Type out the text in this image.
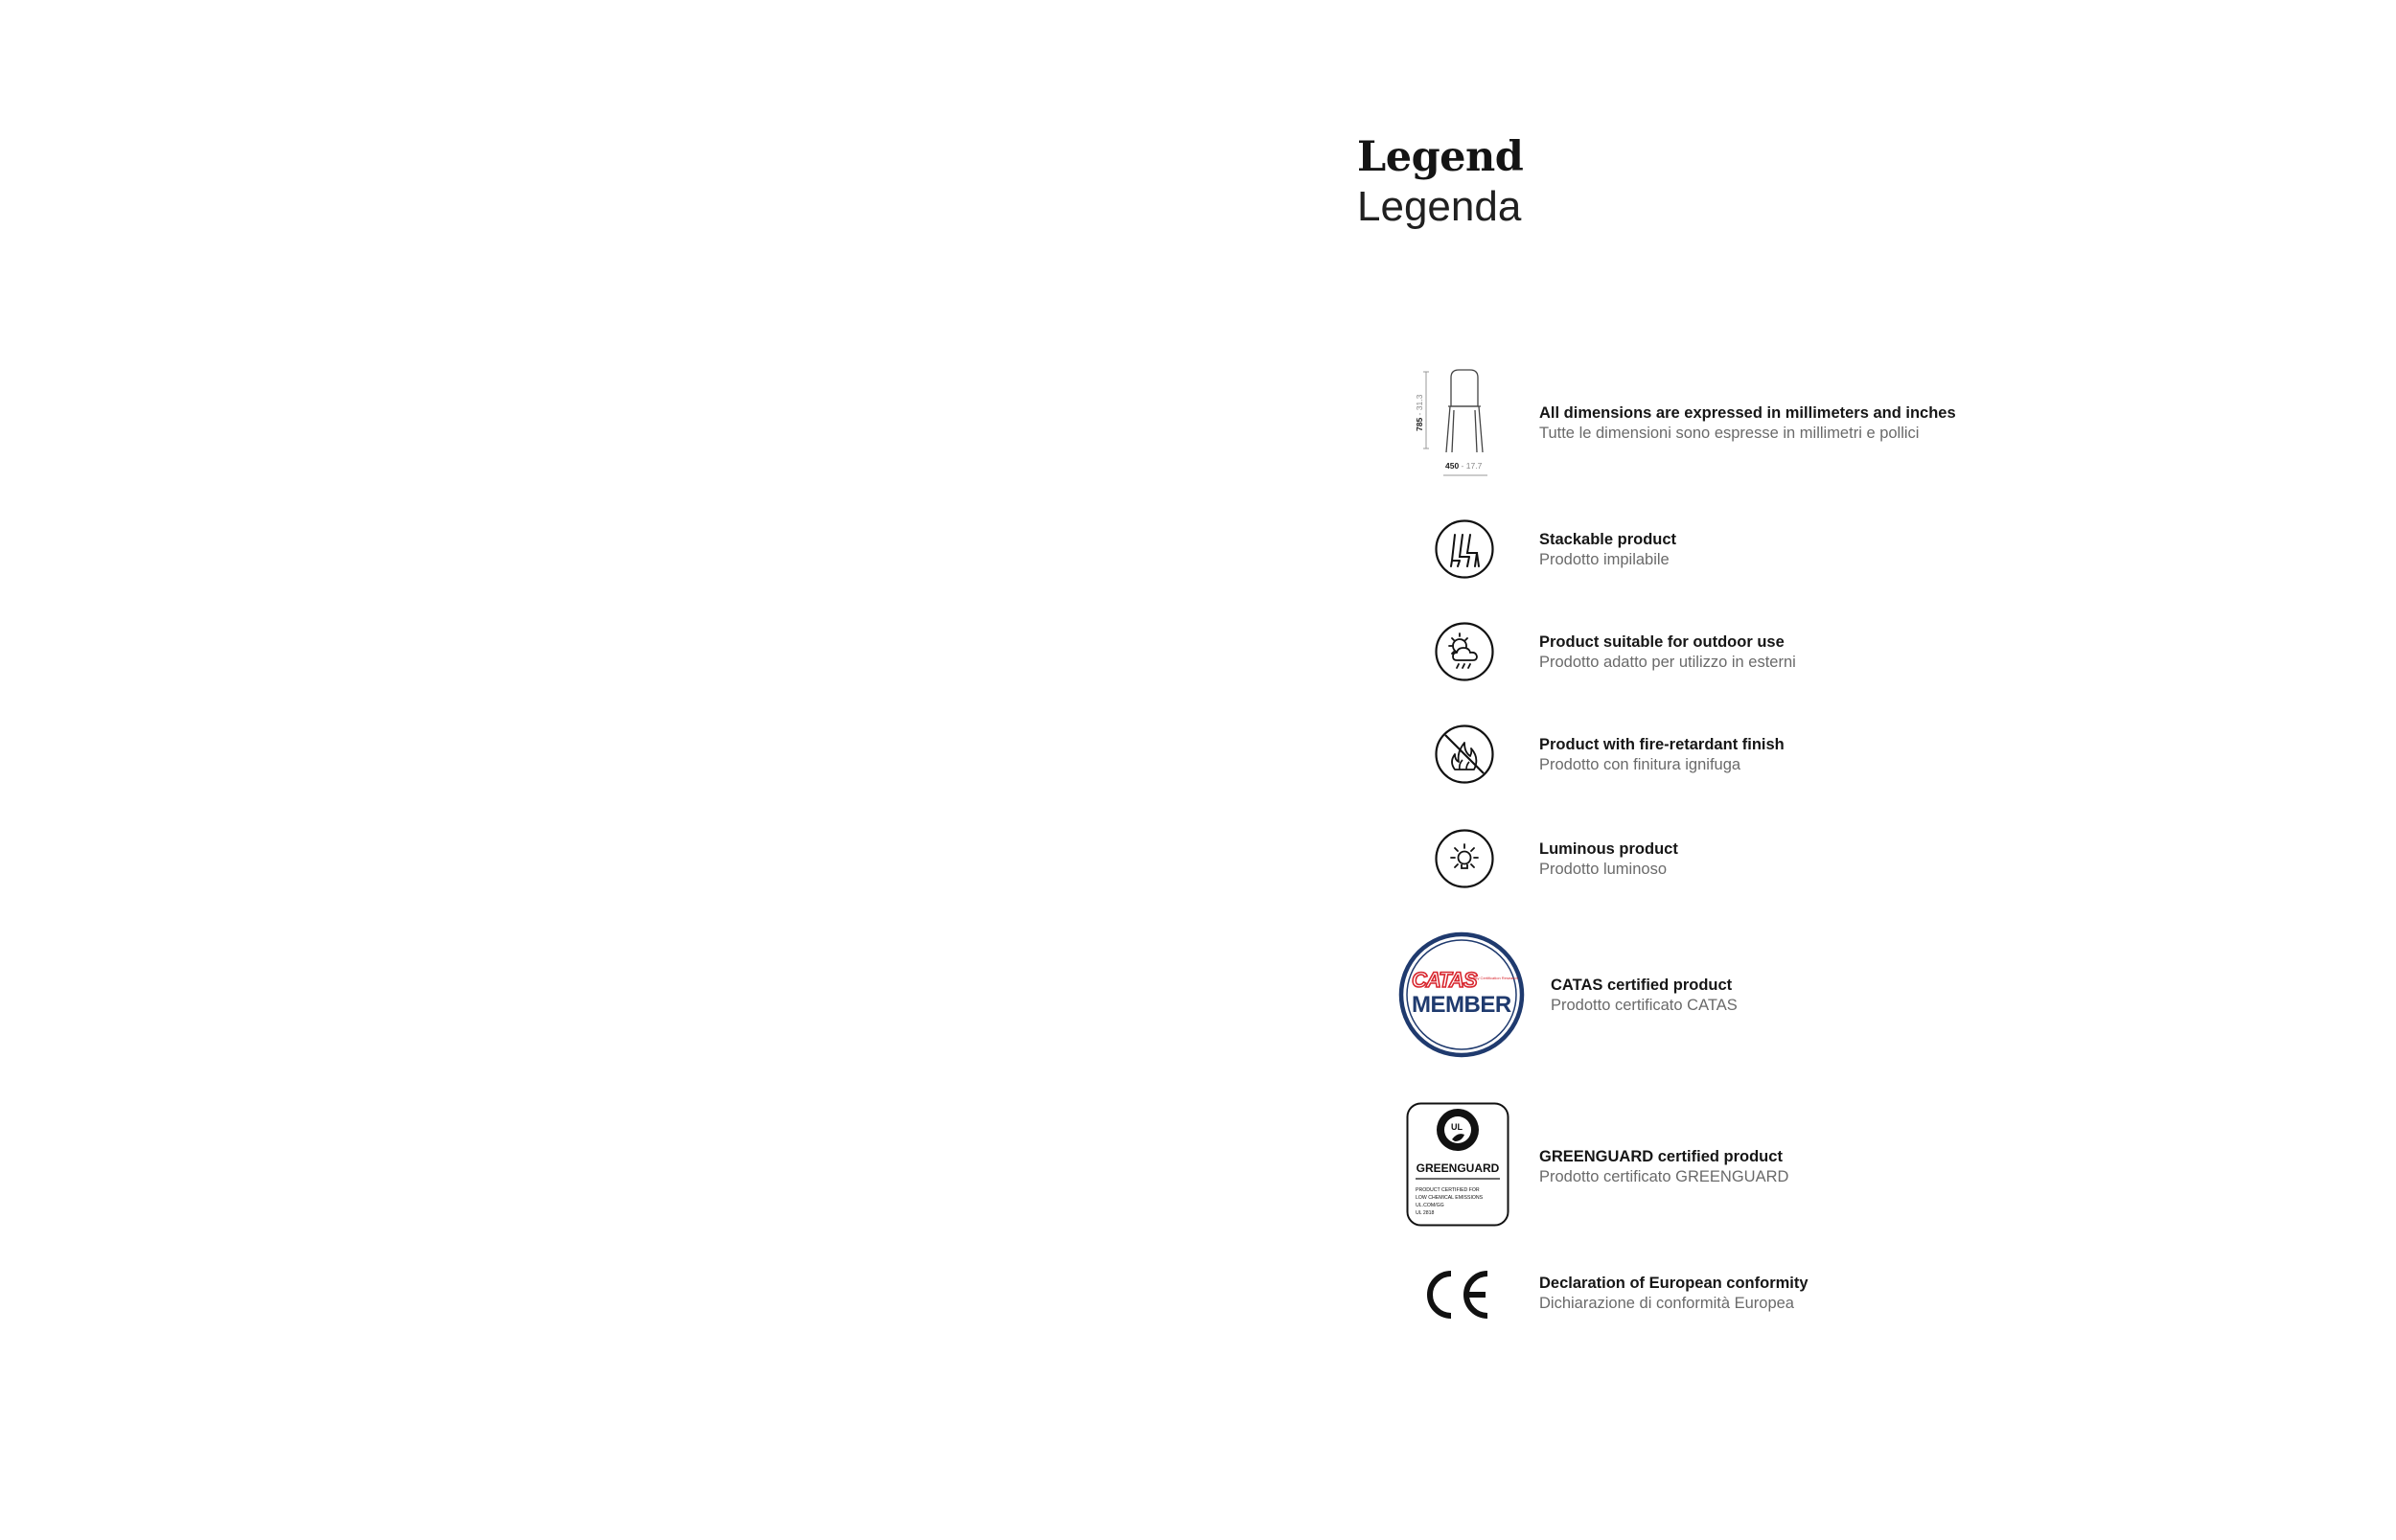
Legend
Legenda
785 - 31.3
450 - 17.7
All dimensions are expressed in millimeters and inches
Tutte le dimensioni sono espresse in millimetri e pollici
Stackable product
Prodotto impilabile
Product suitable for outdoor use
Prodotto adatto per utilizzo in esterni
Product with fire-retardant finish
Prodotto con finitura ignifuga
Luminous product
Prodotto luminoso
CATAS
Quality Certification Research
MEMBER
CATAS certified product
Prodotto certificato CATAS
UL
GREENGUARD
PRODUCT CERTIFIED FOR
LOW CHEMICAL EMISSIONS
UL.COM/GG
UL 2818
GREENGUARD certified product
Prodotto certificato GREENGUARD
Declaration of European conformity
Dichiarazione di conformità Europea
